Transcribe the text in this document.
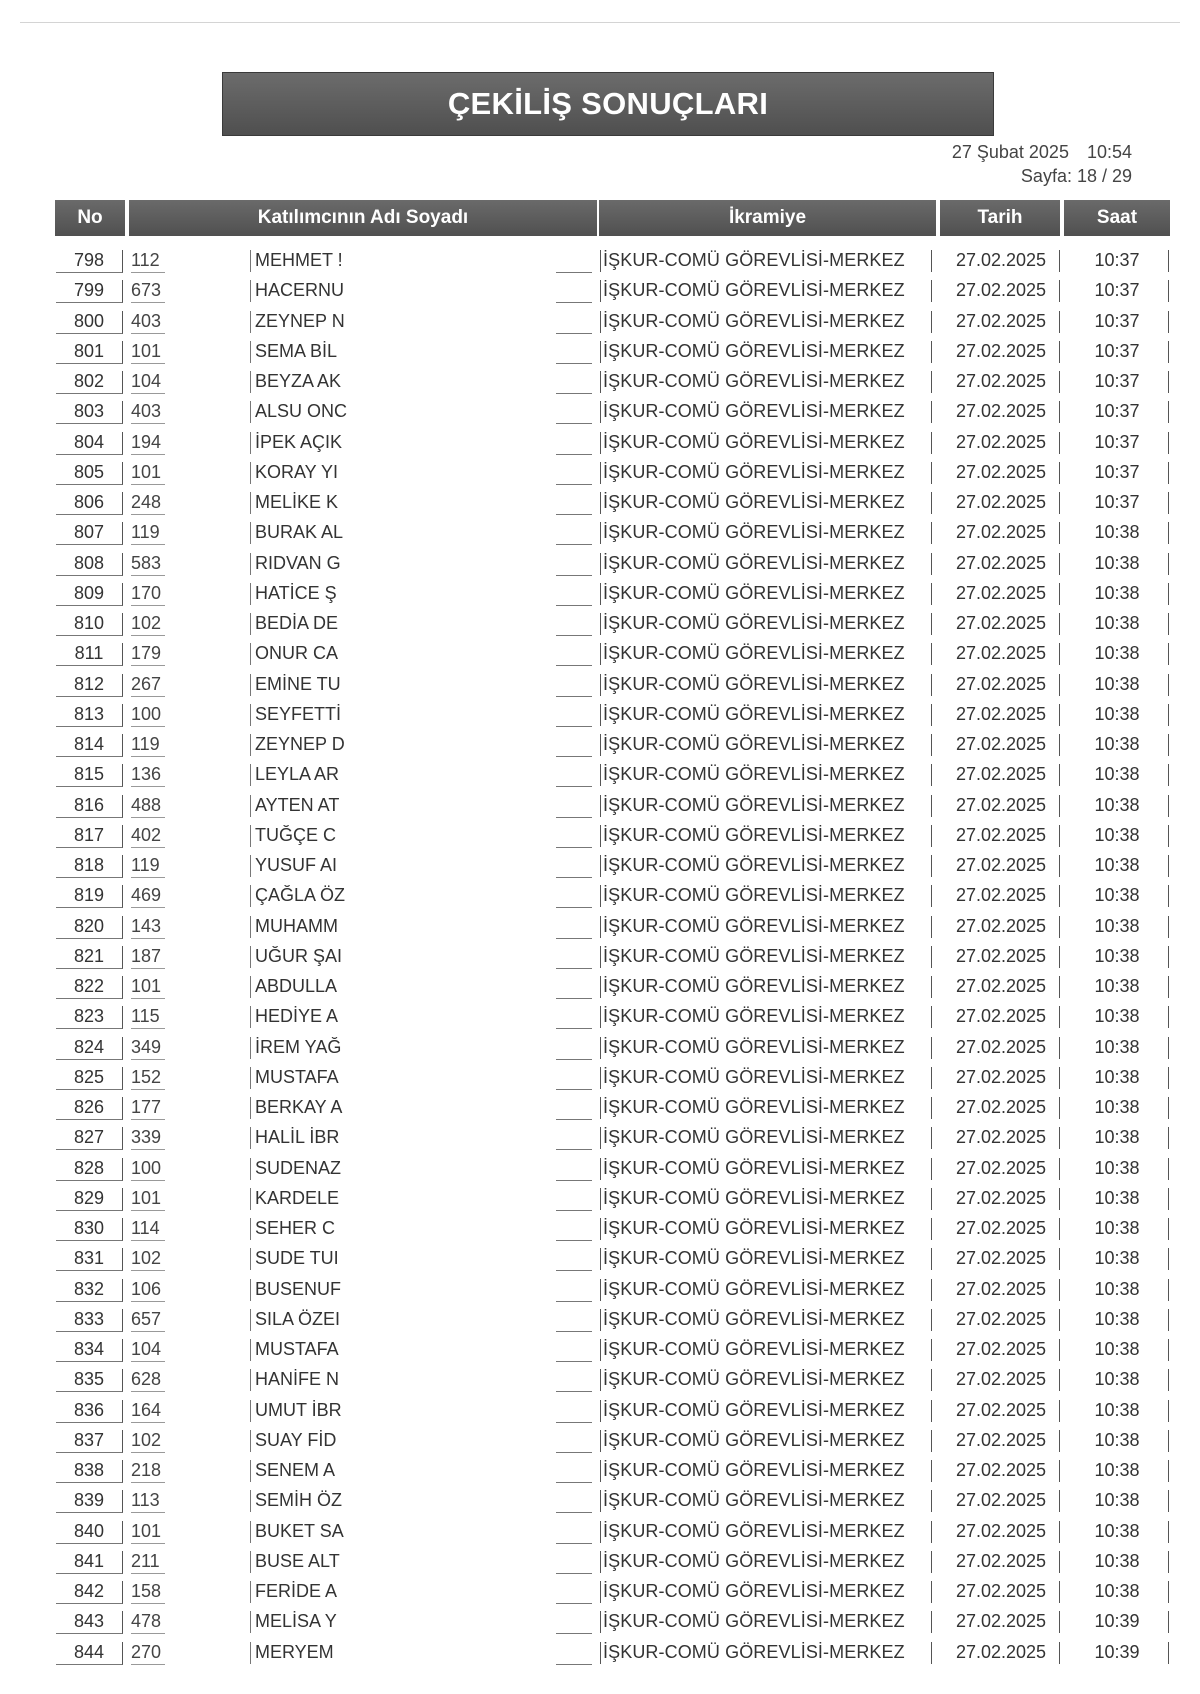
ÇEKİLİŞ SONUÇLARI
27 Şubat 2025 10:54
Sayfa: 18 / 29
No	Katılımcının Adı Soyadı	İkramiye	Tarih	Saat
798	112	MEHMET !	İŞKUR-COMÜ GÖREVLİSİ-MERKEZ	27.02.2025	10:37
799	673	HACERNU	İŞKUR-COMÜ GÖREVLİSİ-MERKEZ	27.02.2025	10:37
800	403	ZEYNEP N	İŞKUR-COMÜ GÖREVLİSİ-MERKEZ	27.02.2025	10:37
801	101	SEMA BİL	İŞKUR-COMÜ GÖREVLİSİ-MERKEZ	27.02.2025	10:37
802	104	BEYZA AK	İŞKUR-COMÜ GÖREVLİSİ-MERKEZ	27.02.2025	10:37
803	403	ALSU ONC	İŞKUR-COMÜ GÖREVLİSİ-MERKEZ	27.02.2025	10:37
804	194	İPEK AÇIK	İŞKUR-COMÜ GÖREVLİSİ-MERKEZ	27.02.2025	10:37
805	101	KORAY YI	İŞKUR-COMÜ GÖREVLİSİ-MERKEZ	27.02.2025	10:37
806	248	MELİKE K	İŞKUR-COMÜ GÖREVLİSİ-MERKEZ	27.02.2025	10:37
807	119	BURAK AL	İŞKUR-COMÜ GÖREVLİSİ-MERKEZ	27.02.2025	10:38
808	583	RIDVAN G	İŞKUR-COMÜ GÖREVLİSİ-MERKEZ	27.02.2025	10:38
809	170	HATİCE Ş	İŞKUR-COMÜ GÖREVLİSİ-MERKEZ	27.02.2025	10:38
810	102	BEDİA DE	İŞKUR-COMÜ GÖREVLİSİ-MERKEZ	27.02.2025	10:38
811	179	ONUR CA	İŞKUR-COMÜ GÖREVLİSİ-MERKEZ	27.02.2025	10:38
812	267	EMİNE TU	İŞKUR-COMÜ GÖREVLİSİ-MERKEZ	27.02.2025	10:38
813	100	SEYFETTİ	İŞKUR-COMÜ GÖREVLİSİ-MERKEZ	27.02.2025	10:38
814	119	ZEYNEP D	İŞKUR-COMÜ GÖREVLİSİ-MERKEZ	27.02.2025	10:38
815	136	LEYLA AR	İŞKUR-COMÜ GÖREVLİSİ-MERKEZ	27.02.2025	10:38
816	488	AYTEN AT	İŞKUR-COMÜ GÖREVLİSİ-MERKEZ	27.02.2025	10:38
817	402	TUĞÇE C	İŞKUR-COMÜ GÖREVLİSİ-MERKEZ	27.02.2025	10:38
818	119	YUSUF AI	İŞKUR-COMÜ GÖREVLİSİ-MERKEZ	27.02.2025	10:38
819	469	ÇAĞLA ÖZ	İŞKUR-COMÜ GÖREVLİSİ-MERKEZ	27.02.2025	10:38
820	143	MUHAMM	İŞKUR-COMÜ GÖREVLİSİ-MERKEZ	27.02.2025	10:38
821	187	UĞUR ŞAI	İŞKUR-COMÜ GÖREVLİSİ-MERKEZ	27.02.2025	10:38
822	101	ABDULLA	İŞKUR-COMÜ GÖREVLİSİ-MERKEZ	27.02.2025	10:38
823	115	HEDİYE A	İŞKUR-COMÜ GÖREVLİSİ-MERKEZ	27.02.2025	10:38
824	349	İREM YAĞ	İŞKUR-COMÜ GÖREVLİSİ-MERKEZ	27.02.2025	10:38
825	152	MUSTAFA	İŞKUR-COMÜ GÖREVLİSİ-MERKEZ	27.02.2025	10:38
826	177	BERKAY A	İŞKUR-COMÜ GÖREVLİSİ-MERKEZ	27.02.2025	10:38
827	339	HALİL İBR	İŞKUR-COMÜ GÖREVLİSİ-MERKEZ	27.02.2025	10:38
828	100	SUDENAZ	İŞKUR-COMÜ GÖREVLİSİ-MERKEZ	27.02.2025	10:38
829	101	KARDELE	İŞKUR-COMÜ GÖREVLİSİ-MERKEZ	27.02.2025	10:38
830	114	SEHER C	İŞKUR-COMÜ GÖREVLİSİ-MERKEZ	27.02.2025	10:38
831	102	SUDE TUI	İŞKUR-COMÜ GÖREVLİSİ-MERKEZ	27.02.2025	10:38
832	106	BUSENUF	İŞKUR-COMÜ GÖREVLİSİ-MERKEZ	27.02.2025	10:38
833	657	SILA ÖZEI	İŞKUR-COMÜ GÖREVLİSİ-MERKEZ	27.02.2025	10:38
834	104	MUSTAFA	İŞKUR-COMÜ GÖREVLİSİ-MERKEZ	27.02.2025	10:38
835	628	HANİFE N	İŞKUR-COMÜ GÖREVLİSİ-MERKEZ	27.02.2025	10:38
836	164	UMUT İBR	İŞKUR-COMÜ GÖREVLİSİ-MERKEZ	27.02.2025	10:38
837	102	SUAY FİD	İŞKUR-COMÜ GÖREVLİSİ-MERKEZ	27.02.2025	10:38
838	218	SENEM A	İŞKUR-COMÜ GÖREVLİSİ-MERKEZ	27.02.2025	10:38
839	113	SEMİH ÖZ	İŞKUR-COMÜ GÖREVLİSİ-MERKEZ	27.02.2025	10:38
840	101	BUKET SA	İŞKUR-COMÜ GÖREVLİSİ-MERKEZ	27.02.2025	10:38
841	211	BUSE ALT	İŞKUR-COMÜ GÖREVLİSİ-MERKEZ	27.02.2025	10:38
842	158	FERİDE A	İŞKUR-COMÜ GÖREVLİSİ-MERKEZ	27.02.2025	10:38
843	478	MELİSA Y	İŞKUR-COMÜ GÖREVLİSİ-MERKEZ	27.02.2025	10:39
844	270	MERYEM	İŞKUR-COMÜ GÖREVLİSİ-MERKEZ	27.02.2025	10:39
